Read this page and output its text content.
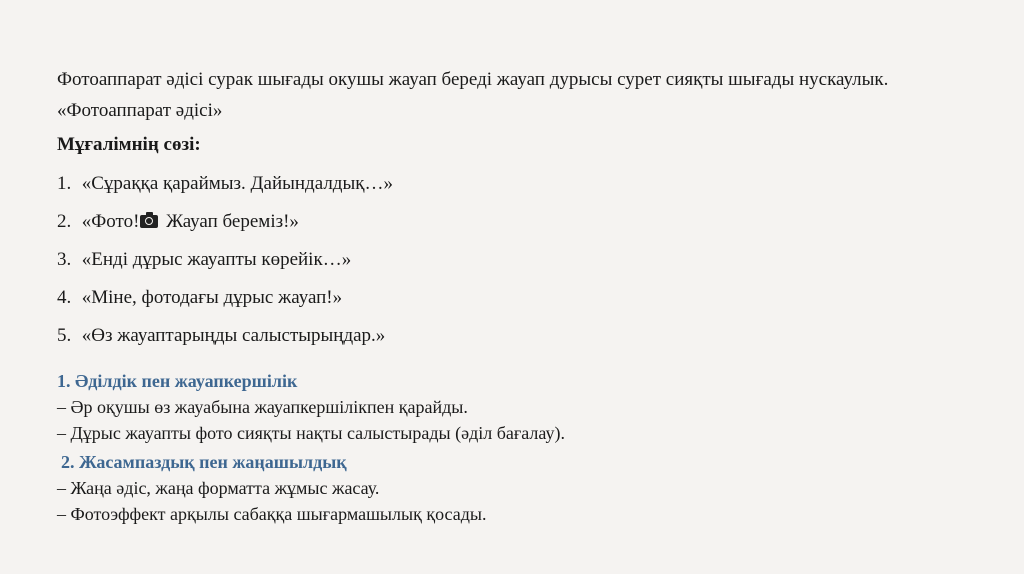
Фотоаппарат әдісі сурак шығады окушы жауап береді жауап дурысы сурет сияқты шығады нускаулык. «Фотоаппарат әдісі»

Мұғалімнің сөзі:

1. «Сұраққа қараймыз. Дайындалдық…»
2. «Фото! Жауап береміз!»
3. «Енді дұрыс жауапты көрейік…»
4. «Міне, фотодағы дұрыс жауап!»
5. «Өз жауаптарыңды салыстырыңдар.»

1. Әділдік пен жауапкершілік

– Әр оқушы өз жауабына жауапкершілікпен қарайды.

– Дұрыс жауапты фото сияқты нақты салыстырады (әділ бағалау).

2. Жасампаздық пен жаңашылдық

– Жаңа әдіс, жаңа форматта жұмыс жасау.

– Фотоэффект арқылы сабаққа шығармашылық қосады.
